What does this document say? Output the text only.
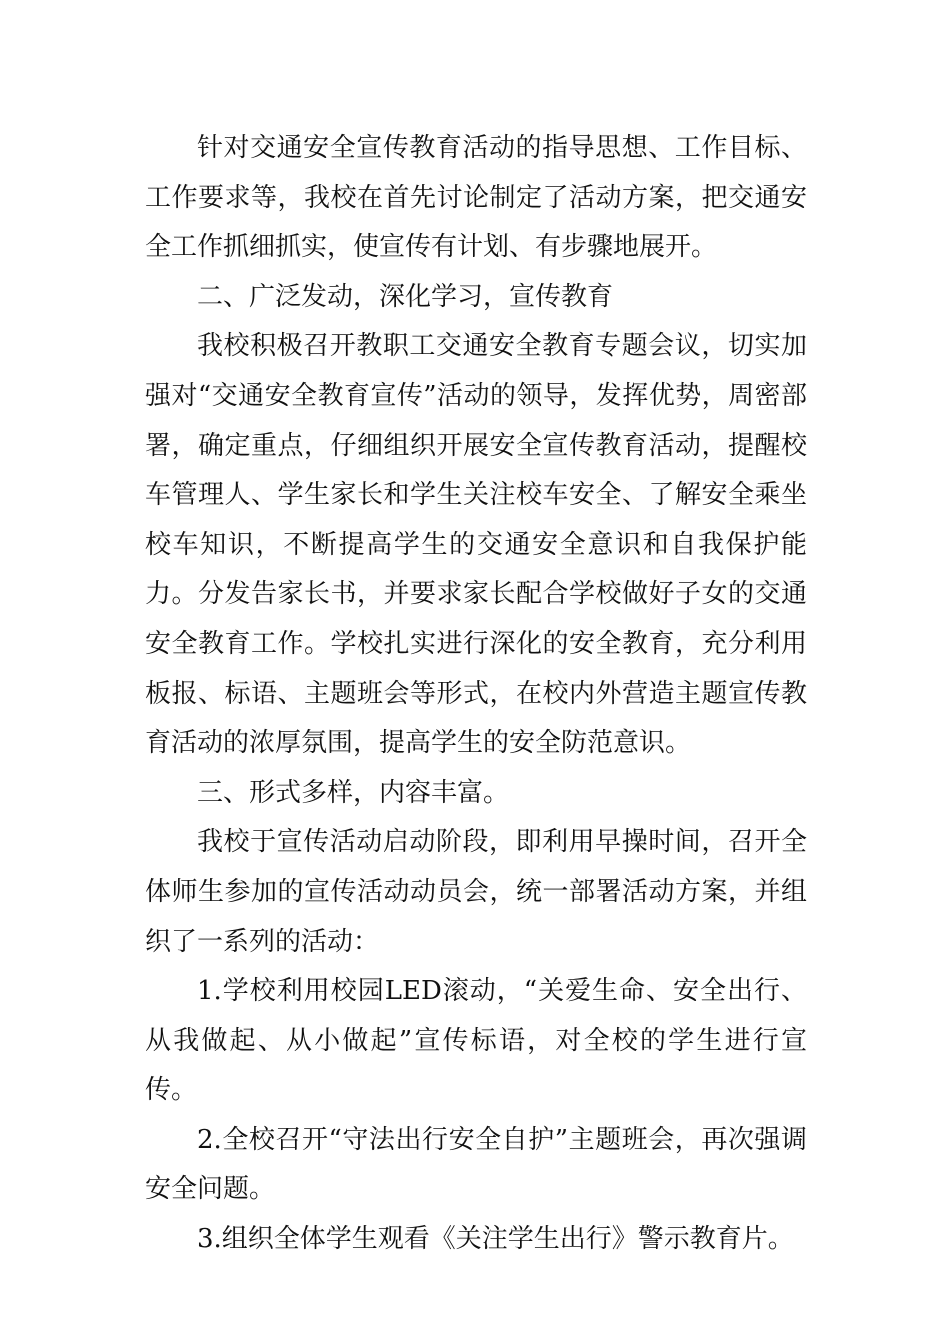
针对交通安全宣传教育活动的指导思想、工作目标、工作要求等，我校在首先讨论制定了活动方案，把交通安全工作抓细抓实，使宣传有计划、有步骤地展开。

二、广泛发动，深化学习，宣传教育

我校积极召开教职工交通安全教育专题会议，切实加强对“交通安全教育宣传”活动的领导，发挥优势，周密部署，确定重点，仔细组织开展安全宣传教育活动，提醒校车管理人、学生家长和学生关注校车安全、了解安全乘坐校车知识，不断提高学生的交通安全意识和自我保护能力。分发告家长书，并要求家长配合学校做好子女的交通安全教育工作。学校扎实进行深化的安全教育，充分利用板报、标语、主题班会等形式，在校内外营造主题宣传教育活动的浓厚氛围，提高学生的安全防范意识。

三、形式多样，内容丰富。

我校于宣传活动启动阶段，即利用早操时间，召开全体师生参加的宣传活动动员会，统一部署活动方案，并组织了一系列的活动：

1.学校利用校园LED滚动，“关爱生命、安全出行、从我做起、从小做起”宣传标语，对全校的学生进行宣传。

2.全校召开“守法出行安全自护”主题班会，再次强调安全问题。

3.组织全体学生观看《关注学生出行》警示教育片。
